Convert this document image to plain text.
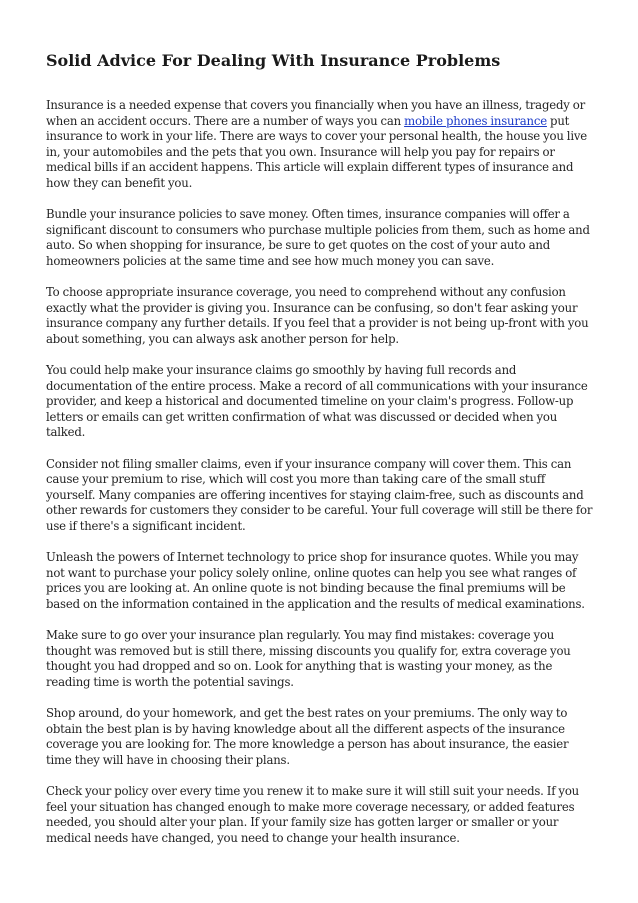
Solid Advice For Dealing With Insurance Problems

Insurance is a needed expense that covers you financially when you have an illness, tragedy or when an accident occurs. There are a number of ways you can mobile phones insurance put insurance to work in your life. There are ways to cover your personal health, the house you live in, your automobiles and the pets that you own. Insurance will help you pay for repairs or medical bills if an accident happens. This article will explain different types of insurance and how they can benefit you.

Bundle your insurance policies to save money. Often times, insurance companies will offer a significant discount to consumers who purchase multiple policies from them, such as home and auto. So when shopping for insurance, be sure to get quotes on the cost of your auto and homeowners policies at the same time and see how much money you can save.

To choose appropriate insurance coverage, you need to comprehend without any confusion exactly what the provider is giving you. Insurance can be confusing, so don't fear asking your insurance company any further details. If you feel that a provider is not being up-front with you about something, you can always ask another person for help.

You could help make your insurance claims go smoothly by having full records and documentation of the entire process. Make a record of all communications with your insurance provider, and keep a historical and documented timeline on your claim's progress. Follow-up letters or emails can get written confirmation of what was discussed or decided when you talked.

Consider not filing smaller claims, even if your insurance company will cover them. This can cause your premium to rise, which will cost you more than taking care of the small stuff yourself. Many companies are offering incentives for staying claim-free, such as discounts and other rewards for customers they consider to be careful. Your full coverage will still be there for use if there's a significant incident.

Unleash the powers of Internet technology to price shop for insurance quotes. While you may not want to purchase your policy solely online, online quotes can help you see what ranges of prices you are looking at. An online quote is not binding because the final premiums will be based on the information contained in the application and the results of medical examinations.

Make sure to go over your insurance plan regularly. You may find mistakes: coverage you thought was removed but is still there, missing discounts you qualify for, extra coverage you thought you had dropped and so on. Look for anything that is wasting your money, as the reading time is worth the potential savings.

Shop around, do your homework, and get the best rates on your premiums. The only way to obtain the best plan is by having knowledge about all the different aspects of the insurance coverage you are looking for. The more knowledge a person has about insurance, the easier time they will have in choosing their plans.

Check your policy over every time you renew it to make sure it will still suit your needs. If you feel your situation has changed enough to make more coverage necessary, or added features needed, you should alter your plan. If your family size has gotten larger or smaller or your medical needs have changed, you need to change your health insurance.
